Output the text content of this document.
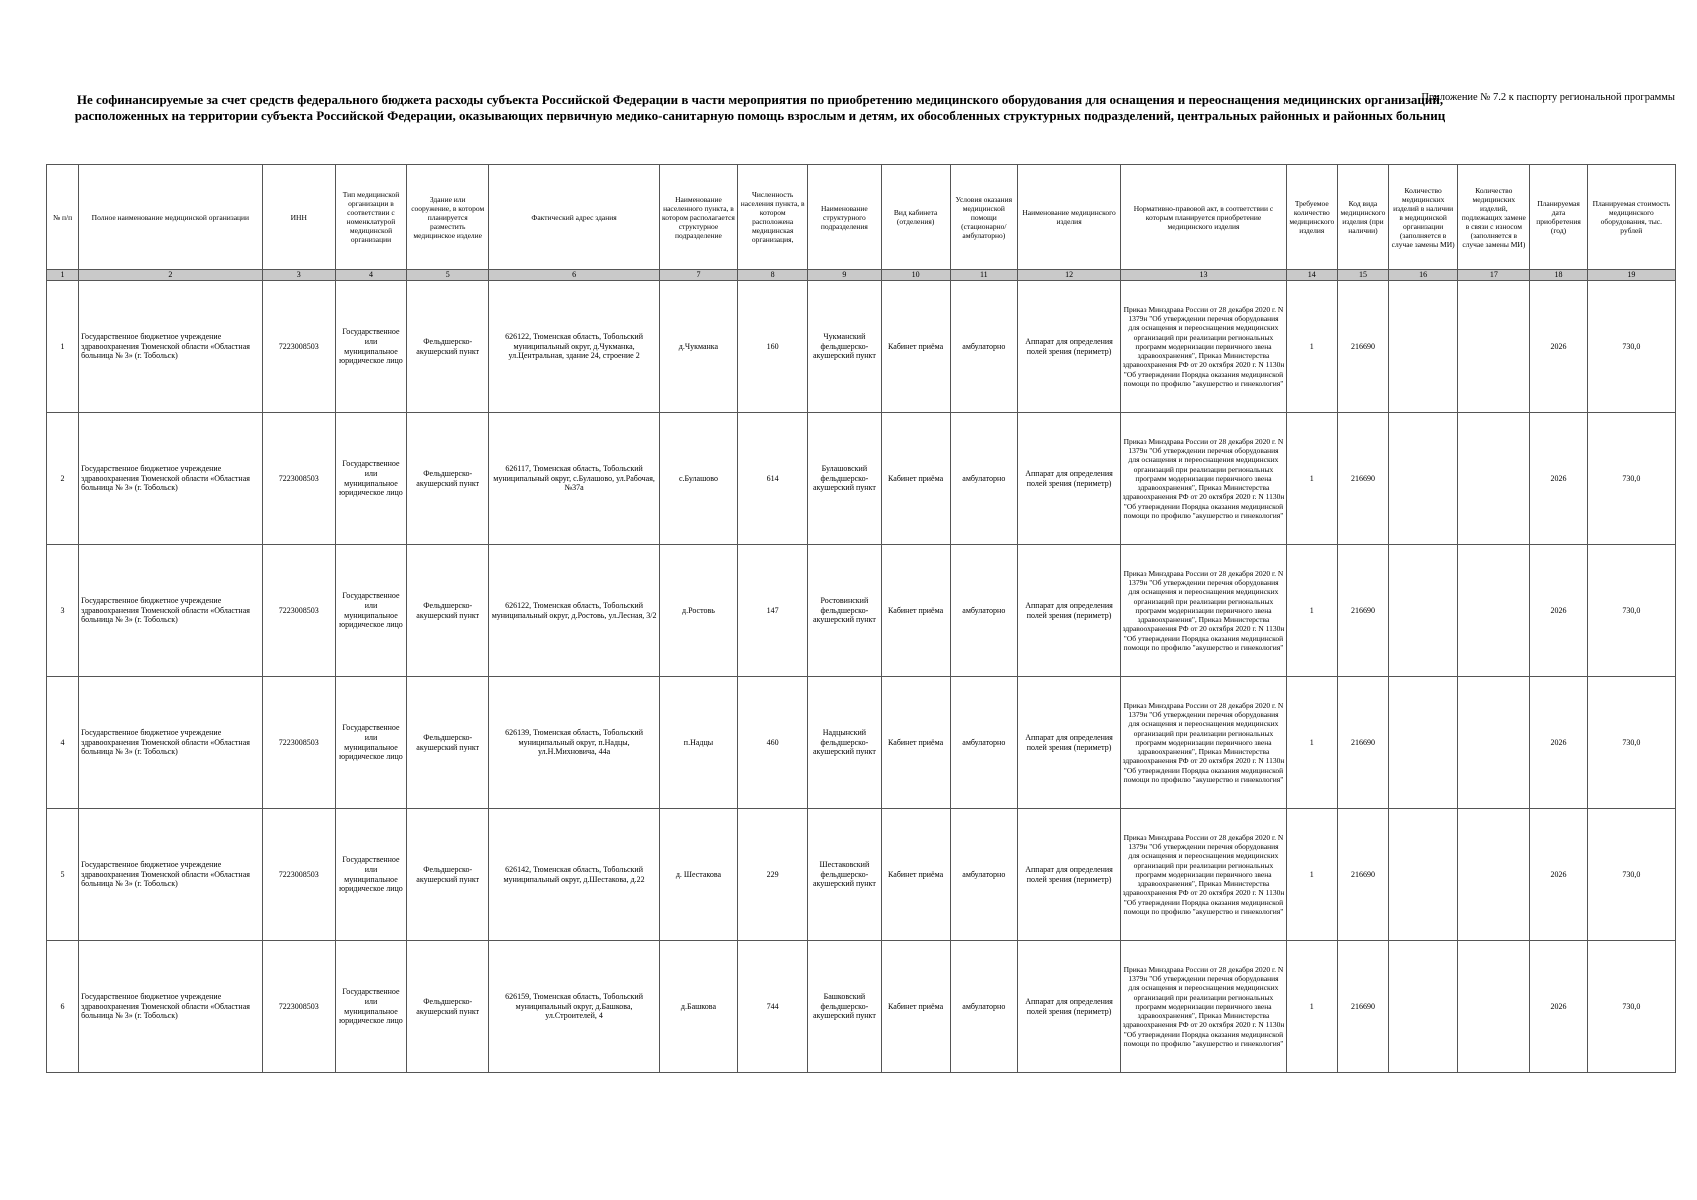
Приложение № 7.2 к паспорту региональной программы
Не софинансируемые за счет средств федерального бюджета расходы субъекта Российской Федерации в части мероприятия по приобретению медицинского оборудования для оснащения и переоснащения медицинских организаций, расположенных на территории субъекта Российской Федерации, оказывающих первичную медико-санитарную помощь взрослым и детям, их обособленных структурных подразделений, центральных районных и районных больниц
№ п/п	Полное наименование медицинской организации	ИНН	Тип медицинской организации в соответствии с номенклатурой медицинской организации	Здание или сооружение, в котором планируется разместить медицинское изделие	Фактический адрес здания	Наименование населенного пункта, в котором располагается структурное подразделение	Численность населения пункта, в котором расположена медицинская организация,	Наименование структурного подразделения	Вид кабинета (отделения)	Условия оказания медицинской помощи (стационарно/амбулаторно)	Наименование медицинского изделия	Нормативно-правовой акт, в соответствии с которым планируется приобретение медицинского изделия	Требуемое количество медицинского изделия	Код вида медицинского изделия (при наличии)	Количество медицинских изделий в наличии в медицинской организации (заполняется в случае замены МИ)	Количество медицинских изделий, подлежащих замене в связи с износом (заполняется в случае замены МИ)	Планируемая дата приобретения (год)	Планируемая стоимость медицинского оборудования, тыс. рублей
1	2	3	4	5	6	7	8	9	10	11	12	13	14	15	16	17	18	19
1	Государственное бюджетное учреждение здравоохранения Тюменской области «Областная больница № 3» (г. Тобольск)	7223008503	Государственное или муниципальное юридическое лицо	Фельдшерско-акушерский пункт	626122, Тюменская область, Тобольский муниципальный округ, д.Чукманка, ул.Центральная, здание 24, строение 2	д.Чукманка	160	Чукманский фельдшерско-акушерский пункт	Кабинет приёма	амбулаторно	Аппарат для определения полей зрения (периметр)	Приказ Минздрава России от 28 декабря 2020 г. N 1379н "Об утверждении перечня оборудования для оснащения и переоснащения медицинских организаций при реализации региональных программ модернизации первичного звена здравоохранения", Приказ Министерства здравоохранения РФ от 20 октября 2020 г. N 1130н "Об утверждении Порядка оказания медицинской помощи по профилю "акушерство и гинекология"	1	216690			2026	730,0
2	Государственное бюджетное учреждение здравоохранения Тюменской области «Областная больница № 3» (г. Тобольск)	7223008503	Государственное или муниципальное юридическое лицо	Фельдшерско-акушерский пункт	626117, Тюменская область, Тобольский муниципальный округ, с.Булашово, ул.Рабочая, №37а	с.Булашово	614	Булашовский фельдшерско-акушерский пункт	Кабинет приёма	амбулаторно	Аппарат для определения полей зрения (периметр)	Приказ Минздрава России от 28 декабря 2020 г. N 1379н "Об утверждении перечня оборудования для оснащения и переоснащения медицинских организаций при реализации региональных программ модернизации первичного звена здравоохранения", Приказ Министерства здравоохранения РФ от 20 октября 2020 г. N 1130н "Об утверждении Порядка оказания медицинской помощи по профилю "акушерство и гинекология"	1	216690			2026	730,0
3	Государственное бюджетное учреждение здравоохранения Тюменской области «Областная больница № 3» (г. Тобольск)	7223008503	Государственное или муниципальное юридическое лицо	Фельдшерско-акушерский пункт	626122, Тюменская область, Тобольский муниципальный округ, д.Ростовь, ул.Лесная, 3/2	д.Ростовь	147	Ростовинский фельдшерско-акушерский пункт	Кабинет приёма	амбулаторно	Аппарат для определения полей зрения (периметр)	Приказ Минздрава России от 28 декабря 2020 г. N 1379н "Об утверждении перечня оборудования для оснащения и переоснащения медицинских организаций при реализации региональных программ модернизации первичного звена здравоохранения", Приказ Министерства здравоохранения РФ от 20 октября 2020 г. N 1130н "Об утверждении Порядка оказания медицинской помощи по профилю "акушерство и гинекология"	1	216690			2026	730,0
4	Государственное бюджетное учреждение здравоохранения Тюменской области «Областная больница № 3» (г. Тобольск)	7223008503	Государственное или муниципальное юридическое лицо	Фельдшерско-акушерский пункт	626139, Тюменская область, Тобольский муниципальный округ, п.Надцы, ул.Н.Михновича, 44а	п.Надцы	460	Надцынский фельдшерско-акушерский пункт	Кабинет приёма	амбулаторно	Аппарат для определения полей зрения (периметр)	Приказ Минздрава России от 28 декабря 2020 г. N 1379н "Об утверждении перечня оборудования для оснащения и переоснащения медицинских организаций при реализации региональных программ модернизации первичного звена здравоохранения", Приказ Министерства здравоохранения РФ от 20 октября 2020 г. N 1130н "Об утверждении Порядка оказания медицинской помощи по профилю "акушерство и гинекология"	1	216690			2026	730,0
5	Государственное бюджетное учреждение здравоохранения Тюменской области «Областная больница № 3» (г. Тобольск)	7223008503	Государственное или муниципальное юридическое лицо	Фельдшерско-акушерский пункт	626142, Тюменская область, Тобольский муниципальный округ, д.Шестакова, д.22	д. Шестакова	229	Шестаковский фельдшерско-акушерский пункт	Кабинет приёма	амбулаторно	Аппарат для определения полей зрения (периметр)	Приказ Минздрава России от 28 декабря 2020 г. N 1379н "Об утверждении перечня оборудования для оснащения и переоснащения медицинских организаций при реализации региональных программ модернизации первичного звена здравоохранения", Приказ Министерства здравоохранения РФ от 20 октября 2020 г. N 1130н "Об утверждении Порядка оказания медицинской помощи по профилю "акушерство и гинекология"	1	216690			2026	730,0
6	Государственное бюджетное учреждение здравоохранения Тюменской области «Областная больница № 3» (г. Тобольск)	7223008503	Государственное или муниципальное юридическое лицо	Фельдшерско-акушерский пункт	626159, Тюменская область, Тобольский муниципальный округ, д.Башкова, ул.Строителей, 4	д.Башкова	744	Башковский фельдшерско-акушерский пункт	Кабинет приёма	амбулаторно	Аппарат для определения полей зрения (периметр)	Приказ Минздрава России от 28 декабря 2020 г. N 1379н "Об утверждении перечня оборудования для оснащения и переоснащения медицинских организаций при реализации региональных программ модернизации первичного звена здравоохранения", Приказ Министерства здравоохранения РФ от 20 октября 2020 г. N 1130н "Об утверждении Порядка оказания медицинской помощи по профилю "акушерство и гинекология"	1	216690			2026	730,0
